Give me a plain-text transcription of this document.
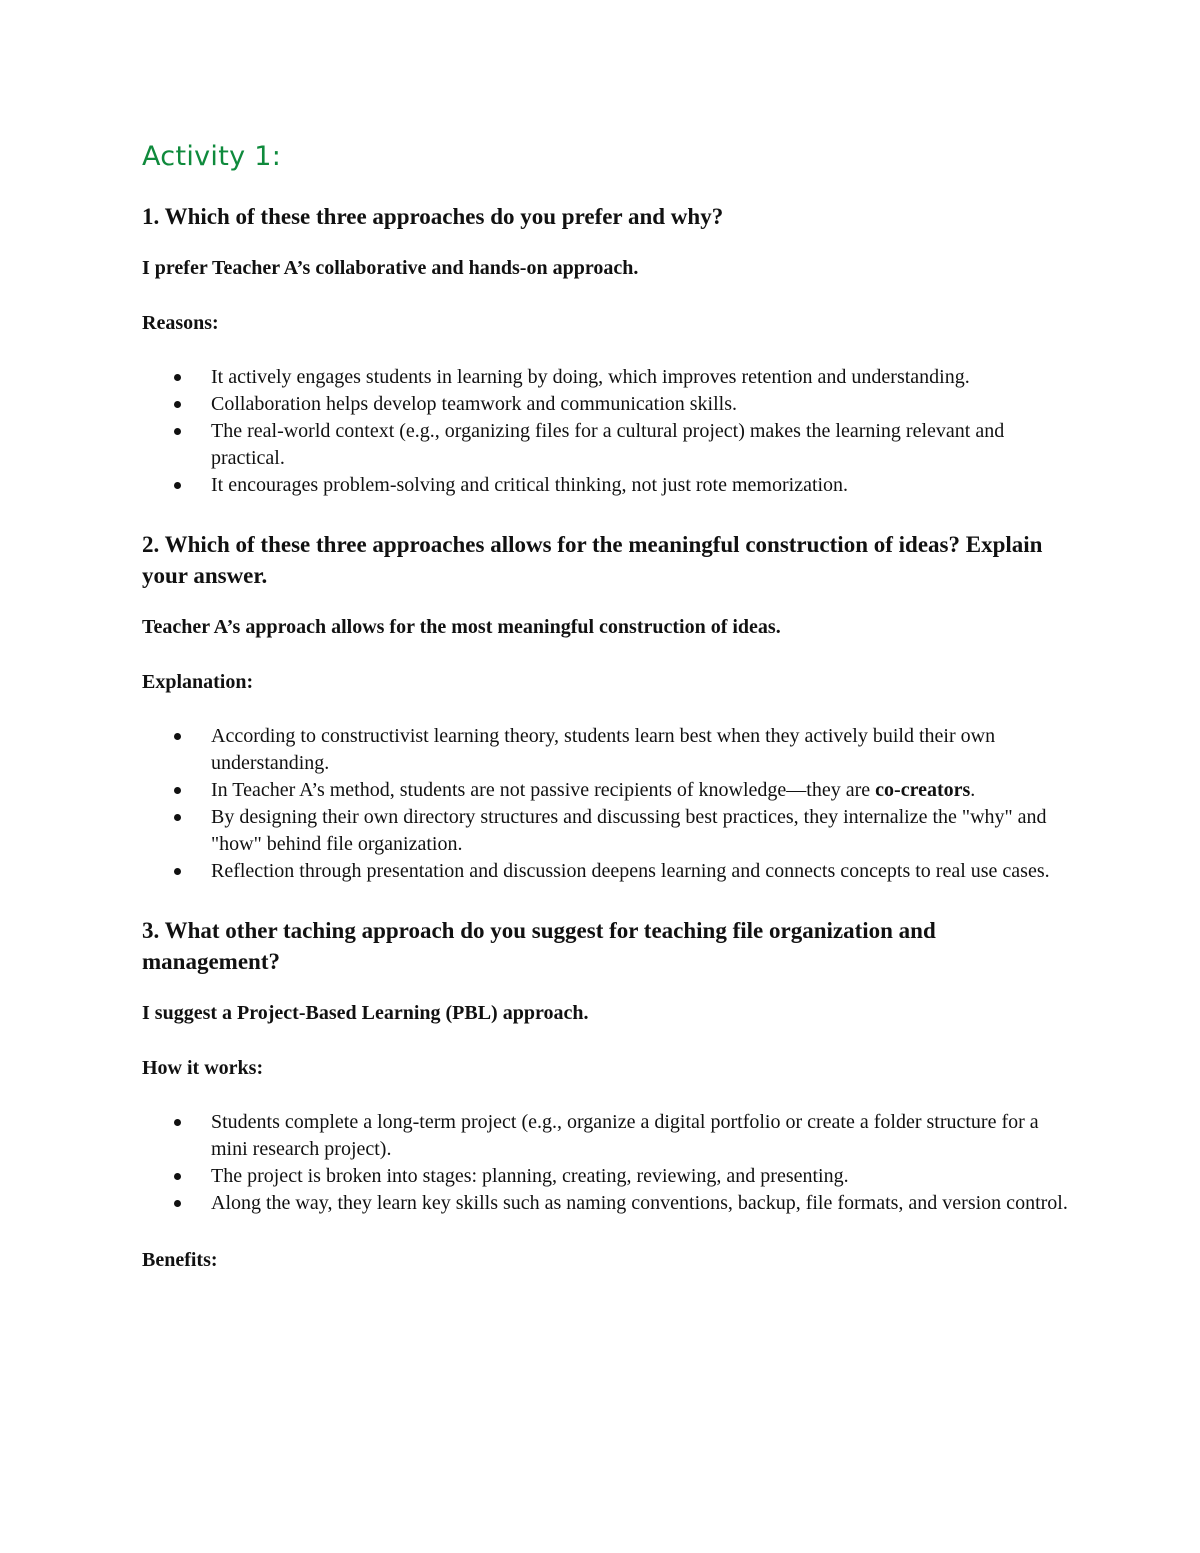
Activity 1:
1. Which of these three approaches do you prefer and why?
I prefer Teacher A’s collaborative and hands-on approach.
Reasons:
It actively engages students in learning by doing, which improves retention and understanding.
Collaboration helps develop teamwork and communication skills.
The real-world context (e.g., organizing files for a cultural project) makes the learning relevant and practical.
It encourages problem-solving and critical thinking, not just rote memorization.
2. Which of these three approaches allows for the meaningful construction of ideas? Explain your answer.
Teacher A’s approach allows for the most meaningful construction of ideas.
Explanation:
According to constructivist learning theory, students learn best when they actively build their own understanding.
In Teacher A’s method, students are not passive recipients of knowledge—they are co-creators.
By designing their own directory structures and discussing best practices, they internalize the "why" and "how" behind file organization.
Reflection through presentation and discussion deepens learning and connects concepts to real use cases.
3. What other taching approach do you suggest for teaching file organization and management?
I suggest a Project-Based Learning (PBL) approach.
How it works:
Students complete a long-term project (e.g., organize a digital portfolio or create a folder structure for a mini research project).
The project is broken into stages: planning, creating, reviewing, and presenting.
Along the way, they learn key skills such as naming conventions, backup, file formats, and version control.
Benefits:
